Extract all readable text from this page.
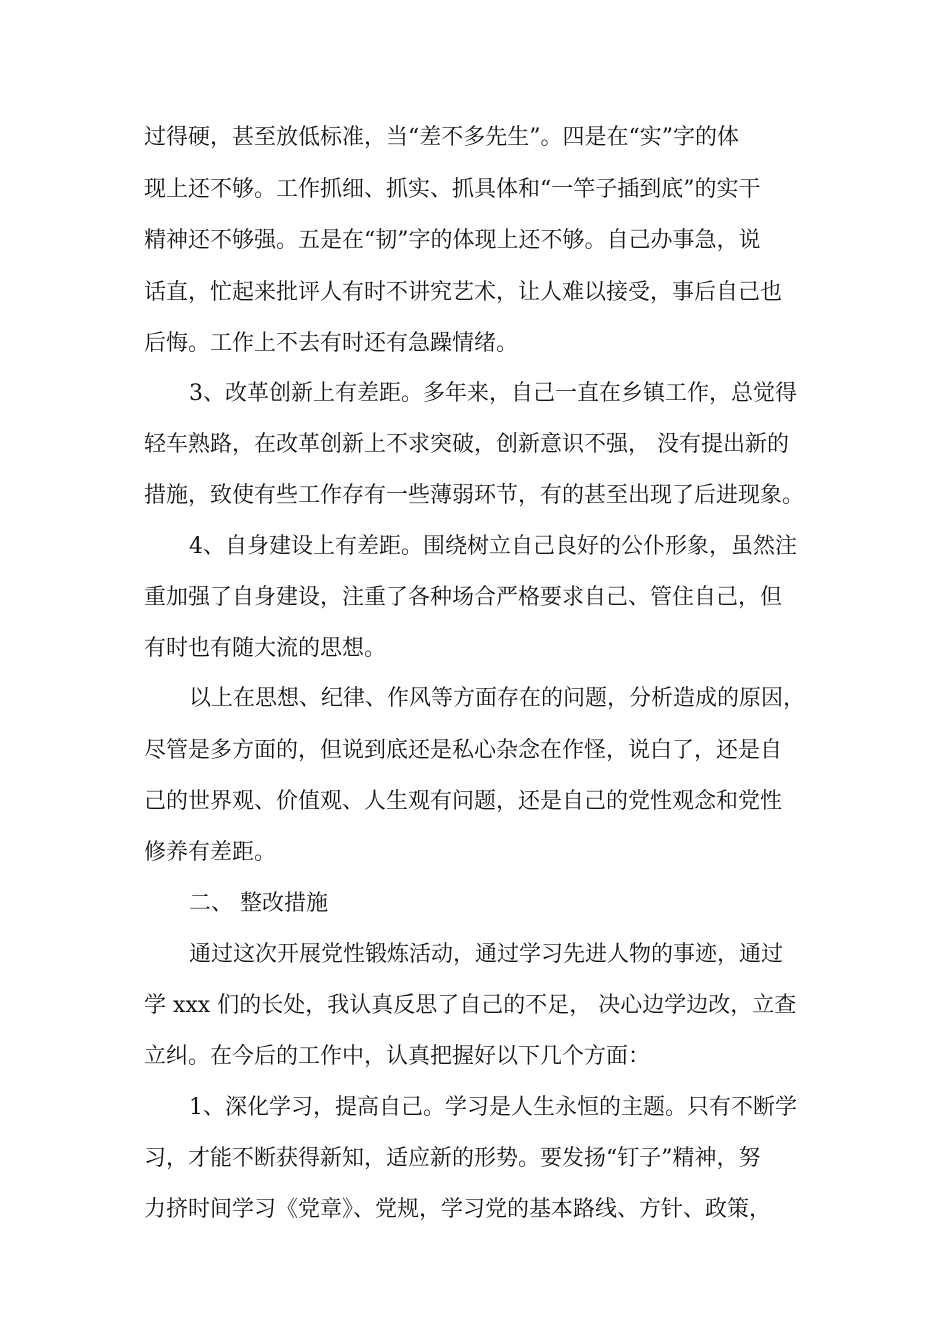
过得硬，甚至放低标准，当“差不多先生”。四是在“实”字的体
现上还不够。工作抓细、抓实、抓具体和“一竿子插到底”的实干
精神还不够强。五是在“韧”字的体现上还不够。自己办事急，说
话直，忙起来批评人有时不讲究艺术，让人难以接受，事后自己也
后悔。工作上不去有时还有急躁情绪。
3、改革创新上有差距。多年来，自己一直在乡镇工作，总觉得
轻车熟路，在改革创新上不求突破，创新意识不强， 没有提出新的
措施，致使有些工作存有一些薄弱环节，有的甚至出现了后进现象。
4、自身建设上有差距。围绕树立自己良好的公仆形象，虽然注
重加强了自身建设，注重了各种场合严格要求自己、管住自己，但
有时也有随大流的思想。
以上在思想、纪律、作风等方面存在的问题，分析造成的原因，
尽管是多方面的，但说到底还是私心杂念在作怪，说白了，还是自
己的世界观、价值观、人生观有问题，还是自己的党性观念和党性
修养有差距。
二、 整改措施
通过这次开展党性锻炼活动，通过学习先进人物的事迹，通过
学 xxx 们的长处，我认真反思了自己的不足， 决心边学边改，立查
立纠。在今后的工作中，认真把握好以下几个方面：
1、深化学习，提高自己。学习是人生永恒的主题。只有不断学
习，才能不断获得新知，适应新的形势。要发扬“钉子”精神，努
力挤时间学习《党章》、党规，学习党的基本路线、方针、政策，
